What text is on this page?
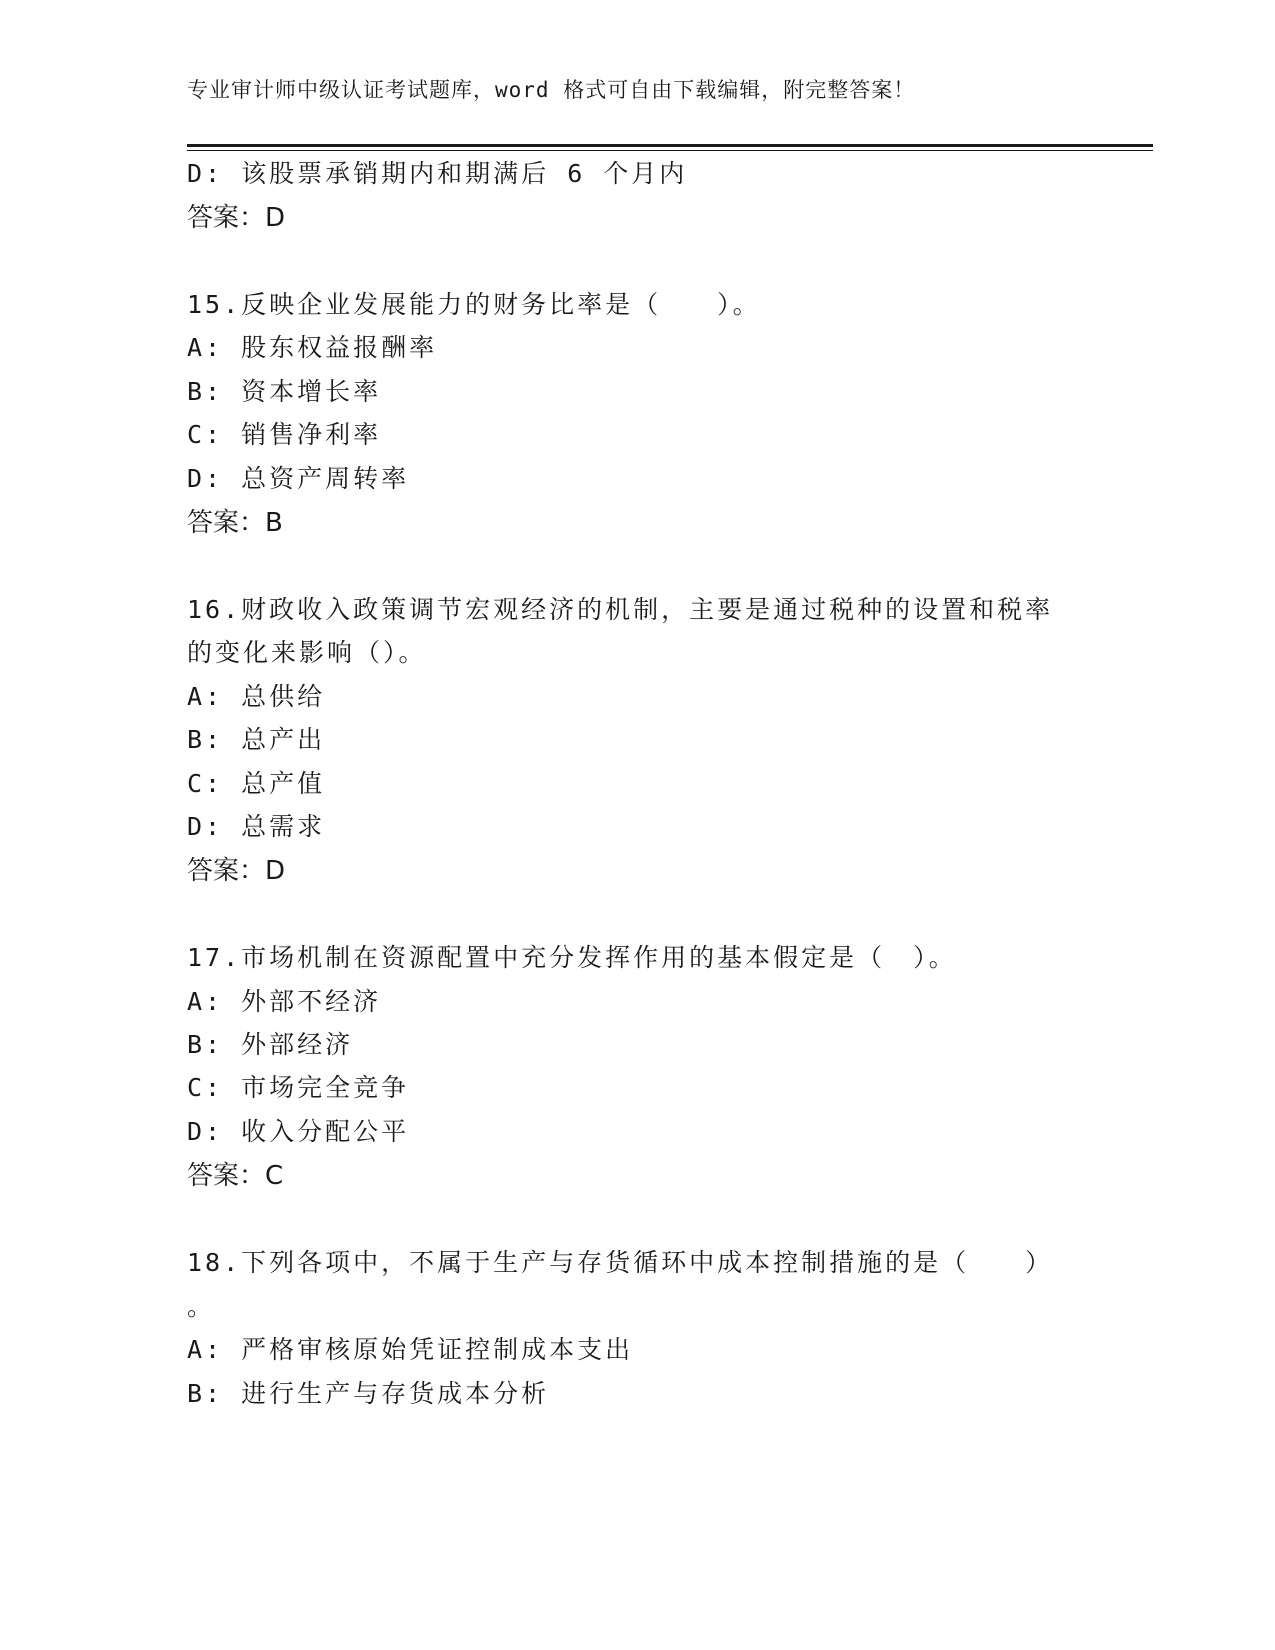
专业审计师中级认证考试题库，word 格式可自由下载编辑，附完整答案！
D: 该股票承销期内和期满后 6 个月内
答案：D
15.反映企业发展能力的财务比率是（　　）。
A: 股东权益报酬率
B: 资本增长率
C: 销售净利率
D: 总资产周转率
答案：B
16.财政收入政策调节宏观经济的机制，主要是通过税种的设置和税率
的变化来影响（）。
A: 总供给
B: 总产出
C: 总产值
D: 总需求
答案：D
17.市场机制在资源配置中充分发挥作用的基本假定是（　）。
A: 外部不经济
B: 外部经济
C: 市场完全竞争
D: 收入分配公平
答案：C
18.下列各项中，不属于生产与存货循环中成本控制措施的是（　　）
。
A: 严格审核原始凭证控制成本支出
B: 进行生产与存货成本分析
